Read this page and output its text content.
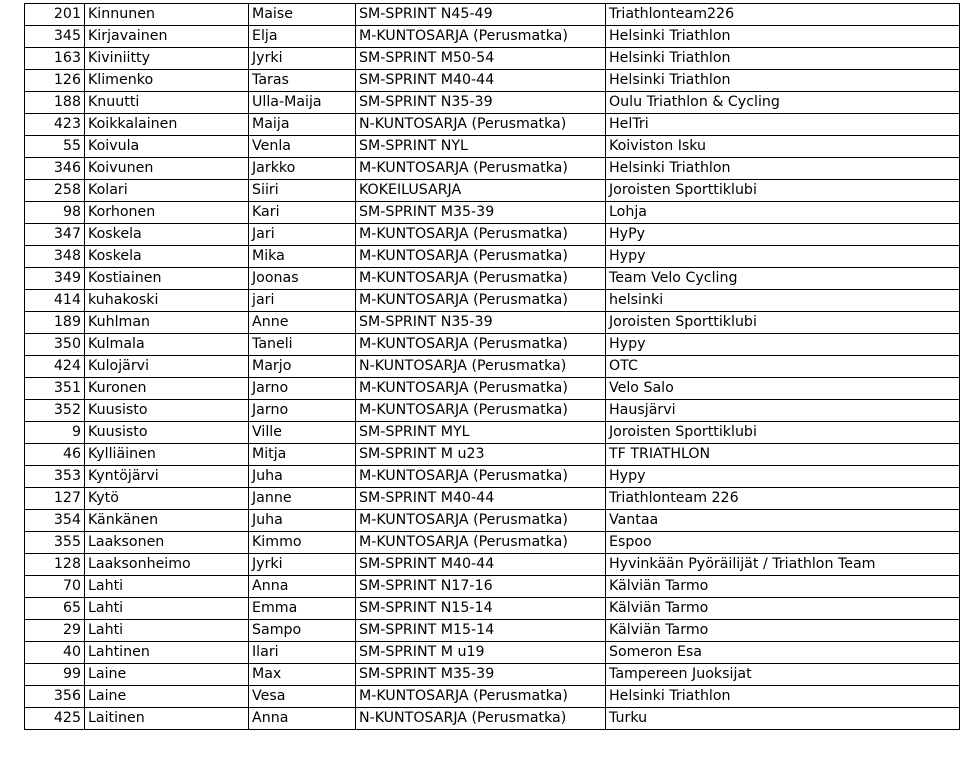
201	Kinnunen	Maise	SM-SPRINT N45-49	Triathlonteam226
345	Kirjavainen	Elja	M-KUNTOSARJA (Perusmatka)	Helsinki Triathlon
163	Kiviniitty	Jyrki	SM-SPRINT M50-54	Helsinki Triathlon
126	Klimenko	Taras	SM-SPRINT M40-44	Helsinki Triathlon
188	Knuutti	Ulla-Maija	SM-SPRINT N35-39	Oulu Triathlon & Cycling
423	Koikkalainen	Maija	N-KUNTOSARJA (Perusmatka)	HelTri
55	Koivula	Venla	SM-SPRINT NYL	Koiviston Isku
346	Koivunen	Jarkko	M-KUNTOSARJA (Perusmatka)	Helsinki Triathlon
258	Kolari	Siiri	KOKEILUSARJA	Joroisten Sporttiklubi
98	Korhonen	Kari	SM-SPRINT M35-39	Lohja
347	Koskela	Jari	M-KUNTOSARJA (Perusmatka)	HyPy
348	Koskela	Mika	M-KUNTOSARJA (Perusmatka)	Hypy
349	Kostiainen	Joonas	M-KUNTOSARJA (Perusmatka)	Team Velo Cycling
414	kuhakoski	jari	M-KUNTOSARJA (Perusmatka)	helsinki
189	Kuhlman	Anne	SM-SPRINT N35-39	Joroisten Sporttiklubi
350	Kulmala	Taneli	M-KUNTOSARJA (Perusmatka)	Hypy
424	Kulojärvi	Marjo	N-KUNTOSARJA (Perusmatka)	OTC
351	Kuronen	Jarno	M-KUNTOSARJA (Perusmatka)	Velo Salo
352	Kuusisto	Jarno	M-KUNTOSARJA (Perusmatka)	Hausjärvi
9	Kuusisto	Ville	SM-SPRINT MYL	Joroisten Sporttiklubi
46	Kylliäinen	Mitja	SM-SPRINT M u23	TF TRIATHLON
353	Kyntöjärvi	Juha	M-KUNTOSARJA (Perusmatka)	Hypy
127	Kytö	Janne	SM-SPRINT M40-44	Triathlonteam 226
354	Känkänen	Juha	M-KUNTOSARJA (Perusmatka)	Vantaa
355	Laaksonen	Kimmo	M-KUNTOSARJA (Perusmatka)	Espoo
128	Laaksonheimo	Jyrki	SM-SPRINT M40-44	Hyvinkään Pyöräilijät / Triathlon Team
70	Lahti	Anna	SM-SPRINT N17-16	Kälviän Tarmo
65	Lahti	Emma	SM-SPRINT N15-14	Kälviän Tarmo
29	Lahti	Sampo	SM-SPRINT M15-14	Kälviän Tarmo
40	Lahtinen	Ilari	SM-SPRINT M u19	Someron Esa
99	Laine	Max	SM-SPRINT M35-39	Tampereen Juoksijat
356	Laine	Vesa	M-KUNTOSARJA (Perusmatka)	Helsinki Triathlon
425	Laitinen	Anna	N-KUNTOSARJA (Perusmatka)	Turku
